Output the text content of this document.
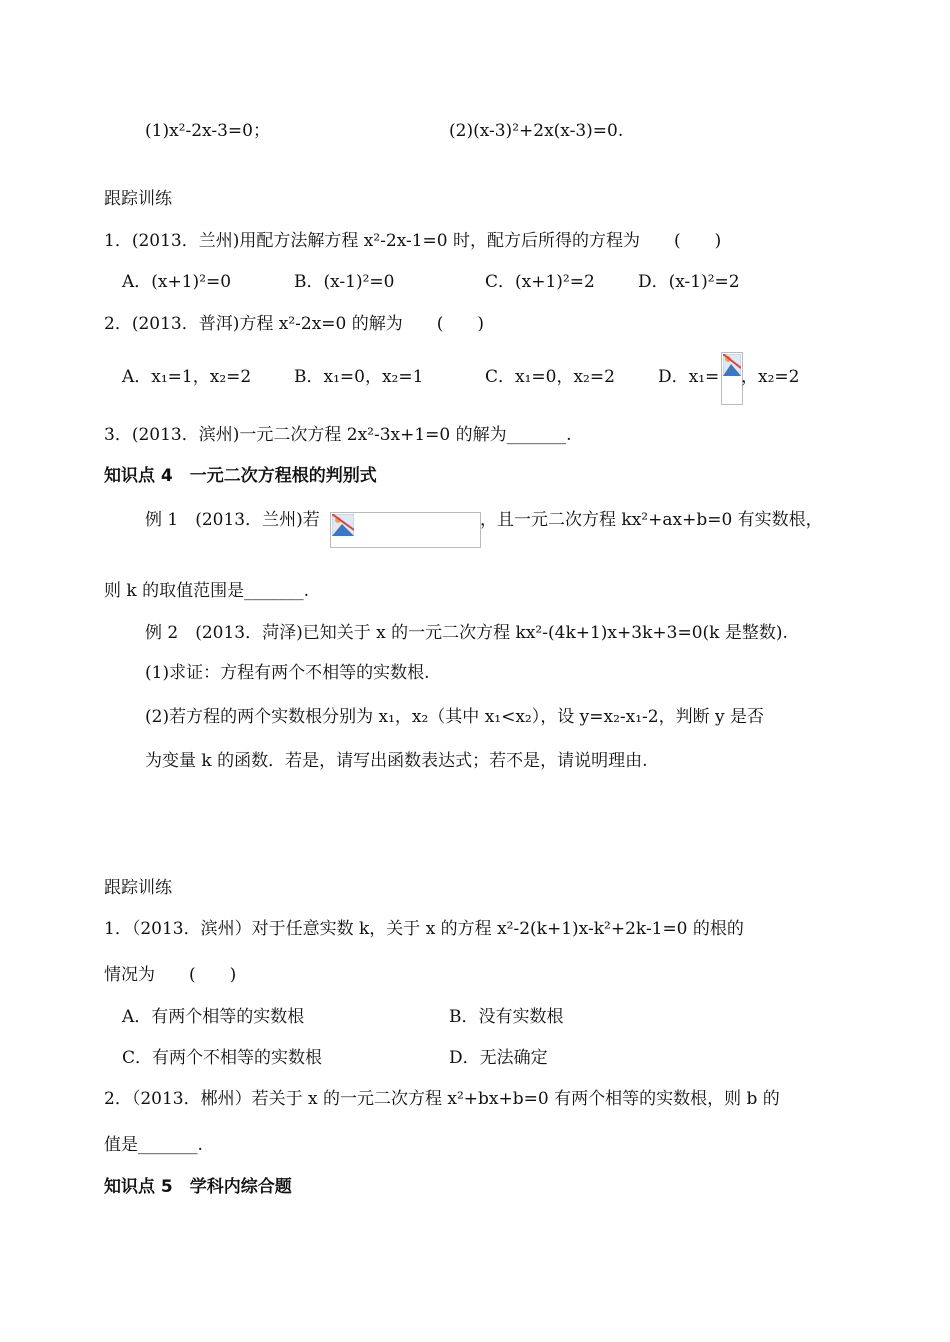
(1)x²-2x-3=0；	(2)(x-3)²+2x(x-3)=0.
跟踪训练
1．(2013．兰州)用配方法解方程 x²-2x-1=0 时，配方后所得的方程为　　(　　)
A．(x+1)²=0	B．(x-1)²=0	C．(x+1)²=2	D．(x-1)²=2
2．(2013．普洱)方程 x²-2x=0 的解为　　(　　)
A．x₁=1，x₂=2	B．x₁=0，x₂=1	C．x₁=0，x₂=2	D．x₁= ，x₂=2
3．(2013．滨州)一元二次方程 2x²-3x+1=0 的解为_______.
知识点 4　一元二次方程根的判别式
例 1　(2013．兰州)若	，且一元二次方程 kx²+ax+b=0 有实数根，
则 k 的取值范围是_______.
例 2　(2013．菏泽)已知关于 x 的一元二次方程 kx²-(4k+1)x+3k+3=0(k 是整数).
(1)求证：方程有两个不相等的实数根.
(2)若方程的两个实数根分别为 x₁，x₂（其中 x₁<x₂），设 y=x₂-x₁-2，判断 y 是否
为变量 k 的函数．若是，请写出函数表达式；若不是，请说明理由.
跟踪训练
1．（2013．滨州）对于任意实数 k，关于 x 的方程 x²-2(k+1)x-k²+2k-1=0 的根的
情况为　　(　　)
A．有两个相等的实数根	B．没有实数根
C．有两个不相等的实数根	D．无法确定
2．（2013．郴州）若关于 x 的一元二次方程 x²+bx+b=0 有两个相等的实数根，则 b 的
值是_______.
知识点 5　学科内综合题
